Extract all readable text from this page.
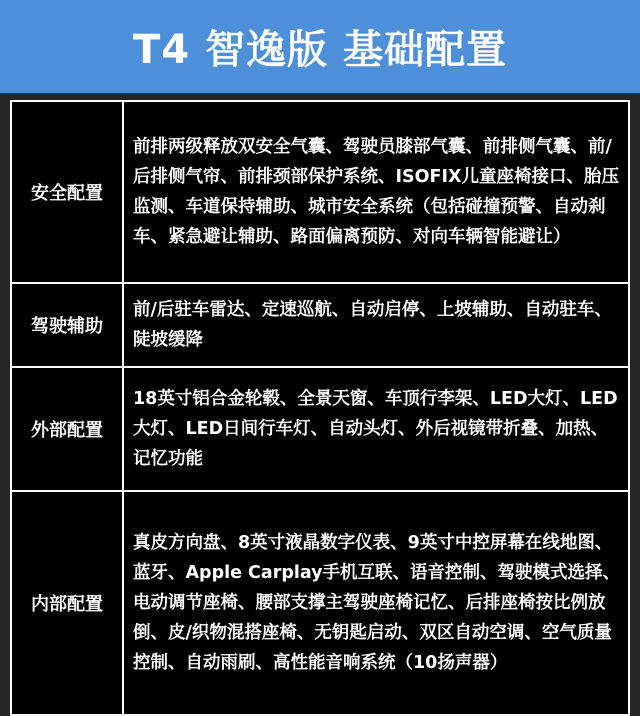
T4 智逸版 基础配置
安全配置	前排两级释放双安全气囊、驾驶员膝部气囊、前排侧气囊、前/后排侧气帘、前排颈部保护系统、ISOFIX儿童座椅接口、胎压监测、车道保持辅助、城市安全系统（包括碰撞预警、自动刹车、紧急避让辅助、路面偏离预防、对向车辆智能避让）
驾驶辅助	前/后驻车雷达、定速巡航、自动启停、上坡辅助、自动驻车、陡坡缓降
外部配置	18英寸铝合金轮毂、全景天窗、车顶行李架、LED大灯、LED大灯、LED日间行车灯、自动头灯、外后视镜带折叠、加热、记忆功能
内部配置	真皮方向盘、8英寸液晶数字仪表、9英寸中控屏幕在线地图、蓝牙、Apple Carplay手机互联、语音控制、驾驶模式选择、电动调节座椅、腰部支撑主驾驶座椅记忆、后排座椅按比例放倒、皮/织物混搭座椅、无钥匙启动、双区自动空调、空气质量控制、自动雨刷、高性能音响系统（10扬声器）
